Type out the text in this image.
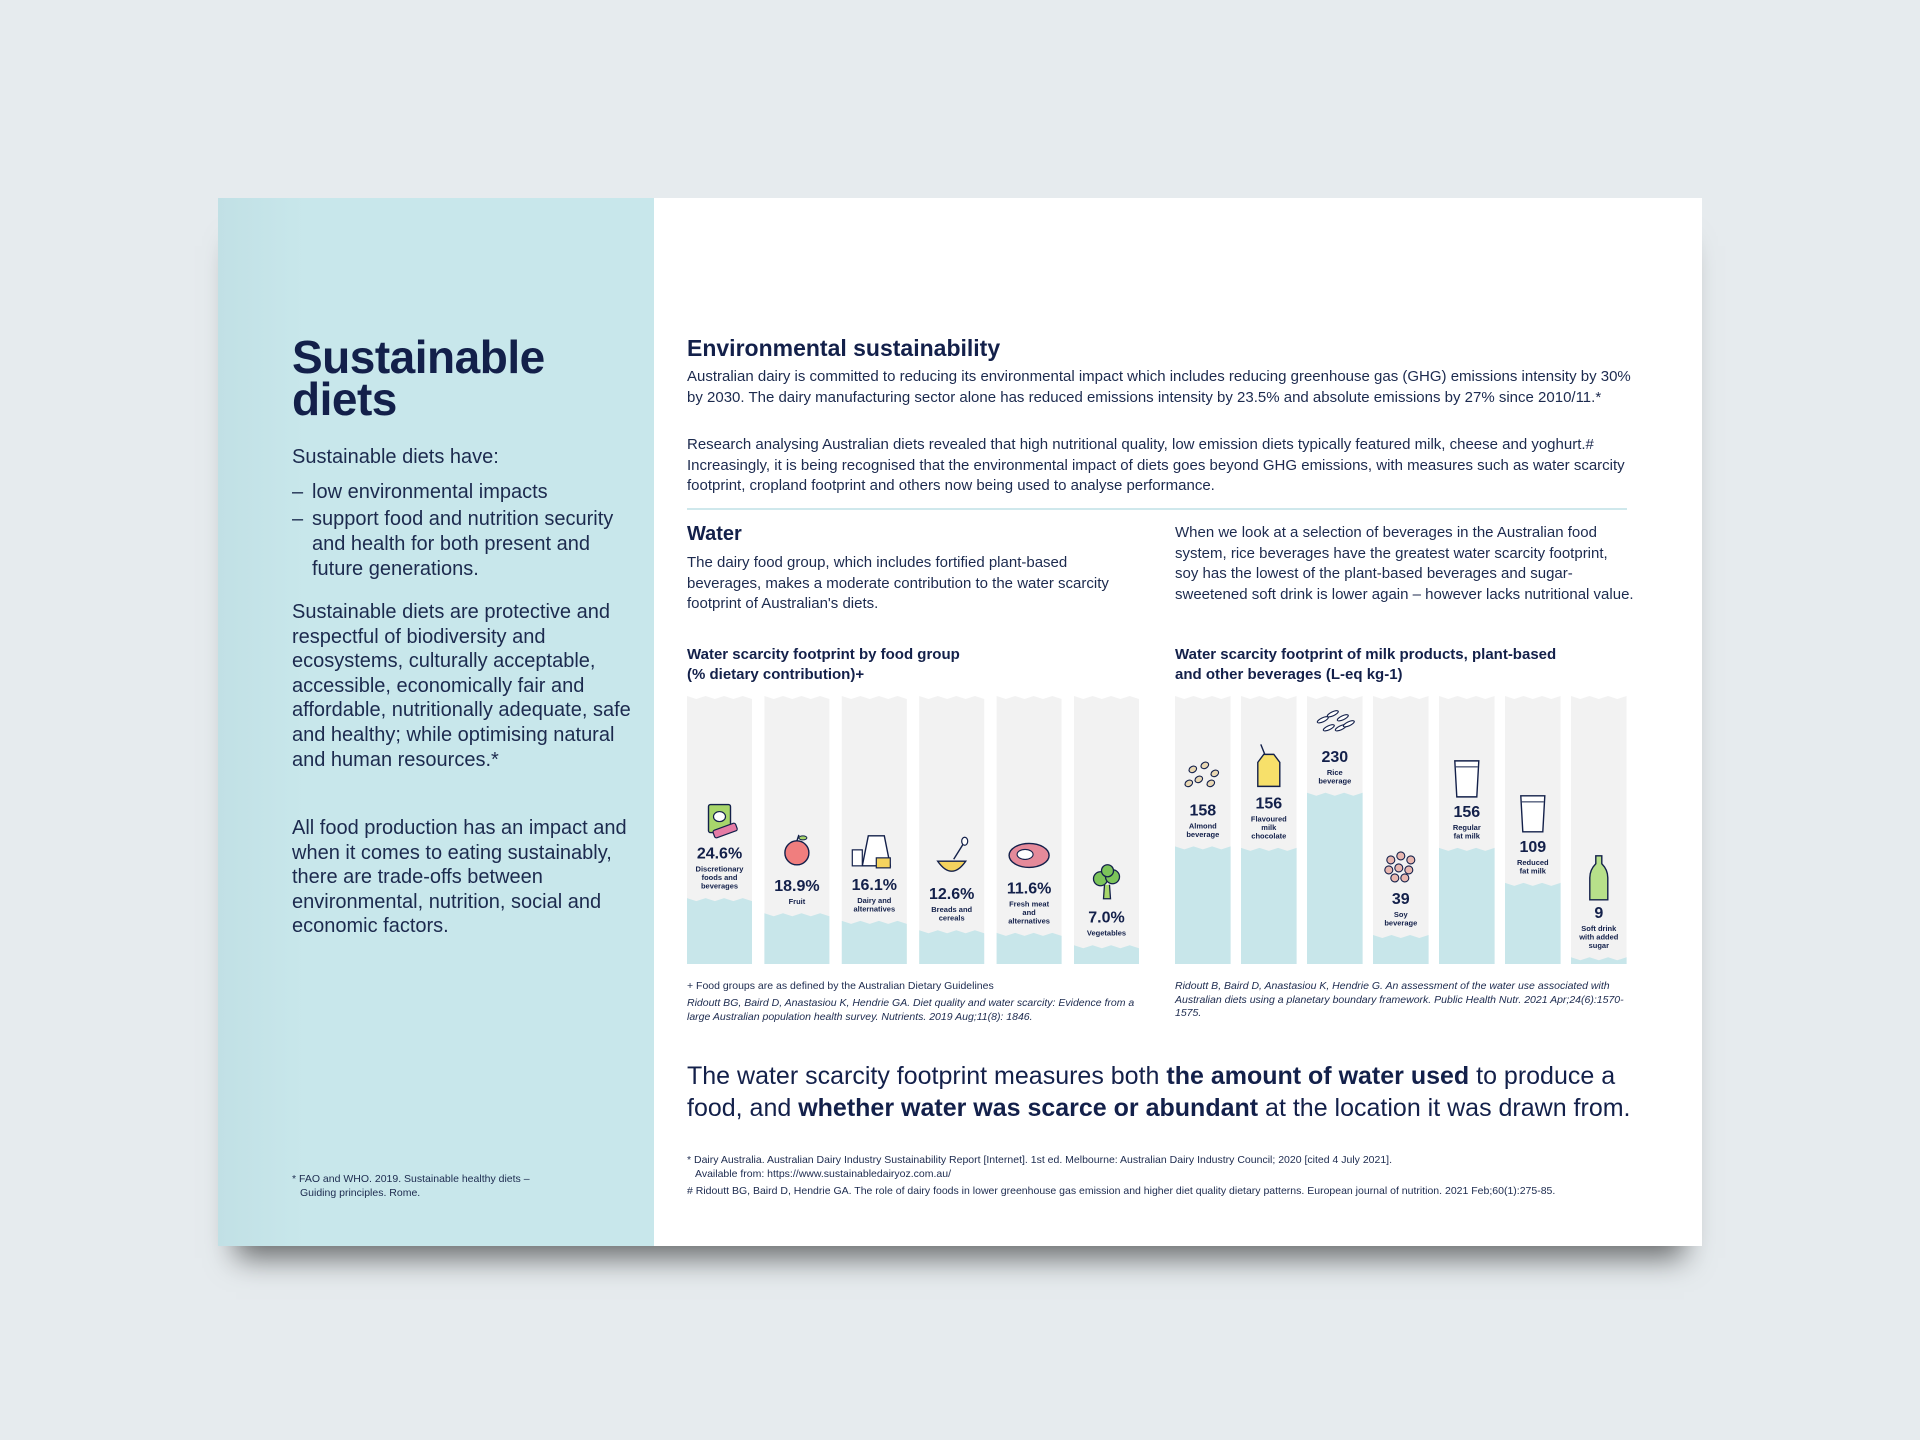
Sustainable
diets
Sustainable diets have:
– low environmental impacts
– support food and nutrition security and health for both present and future generations.

Sustainable diets are protective and respectful of biodiversity and ecosystems, culturally acceptable, accessible, economically fair and affordable, nutritionally adequate, safe and healthy; while optimising natural and human resources.*

All food production has an impact and when it comes to eating sustainably, there are trade-offs between environmental, nutrition, social and economic factors.

* FAO and WHO. 2019. Sustainable healthy diets –
Guiding principles. Rome.
Environmental sustainability

Australian dairy is committed to reducing its environmental impact which includes reducing greenhouse gas (GHG) emissions intensity by 30% by 2030. The dairy manufacturing sector alone has reduced emissions intensity by 23.5% and absolute emissions by 27% since 2010/11.*

Research analysing Australian diets revealed that high nutritional quality, low emission diets typically featured milk, cheese and yoghurt.# Increasingly, it is being recognised that the environmental impact of diets goes beyond GHG emissions, with measures such as water scarcity footprint, cropland footprint and others now being used to analyse performance.

Water

The dairy food group, which includes fortified plant-based beverages, makes a moderate contribution to the water scarcity footprint of Australian's diets.

When we look at a selection of beverages in the Australian food system, rice beverages have the greatest water scarcity footprint, soy has the lowest of the plant-based beverages and sugar-sweetened soft drink is lower again – however lacks nutritional value.

Water scarcity footprint by food group
(% dietary contribution)+
Water scarcity footprint of milk products, plant-based
and other beverages (L-eq kg-1)
24.6%
Discretionary
foods and
beverages 18.9%
Fruit
16.1%
Dairy and
alternatives
12.6%
Breads and
cereals
11.6%
Fresh meat
and
alternatives 7.0%
Vegetables
158
Almond
beverage
156
Flavoured
milk
chocolate
230
Rice
beverage
39
Soy
beverage
156
Regular
fat milk
109
Reduced
fat milk
9
Soft drink
with added
sugar

+ Food groups are as defined by the Australian Dietary Guidelines

Ridoutt BG, Baird D, Anastasiou K, Hendrie GA. Diet quality and water scarcity: Evidence from a large Australian population health survey. Nutrients. 2019 Aug;11(8): 1846.

Ridoutt B, Baird D, Anastasiou K, Hendrie G. An assessment of the water use associated with Australian diets using a planetary boundary framework. Public Health Nutr. 2021 Apr;24(6):1570-1575.

The water scarcity footprint measures both the amount of water used to produce a food, and whether water was scarce or abundant at the location it was drawn from.

* Dairy Australia. Australian Dairy Industry Sustainability Report [Internet]. 1st ed. Melbourne: Australian Dairy Industry Council; 2020 [cited 4 July 2021].
Available from: https://www.sustainabledairyoz.com.au/

# Ridoutt BG, Baird D, Hendrie GA. The role of dairy foods in lower greenhouse gas emission and higher diet quality dietary patterns. European journal of nutrition. 2021 Feb;60(1):275-85.
